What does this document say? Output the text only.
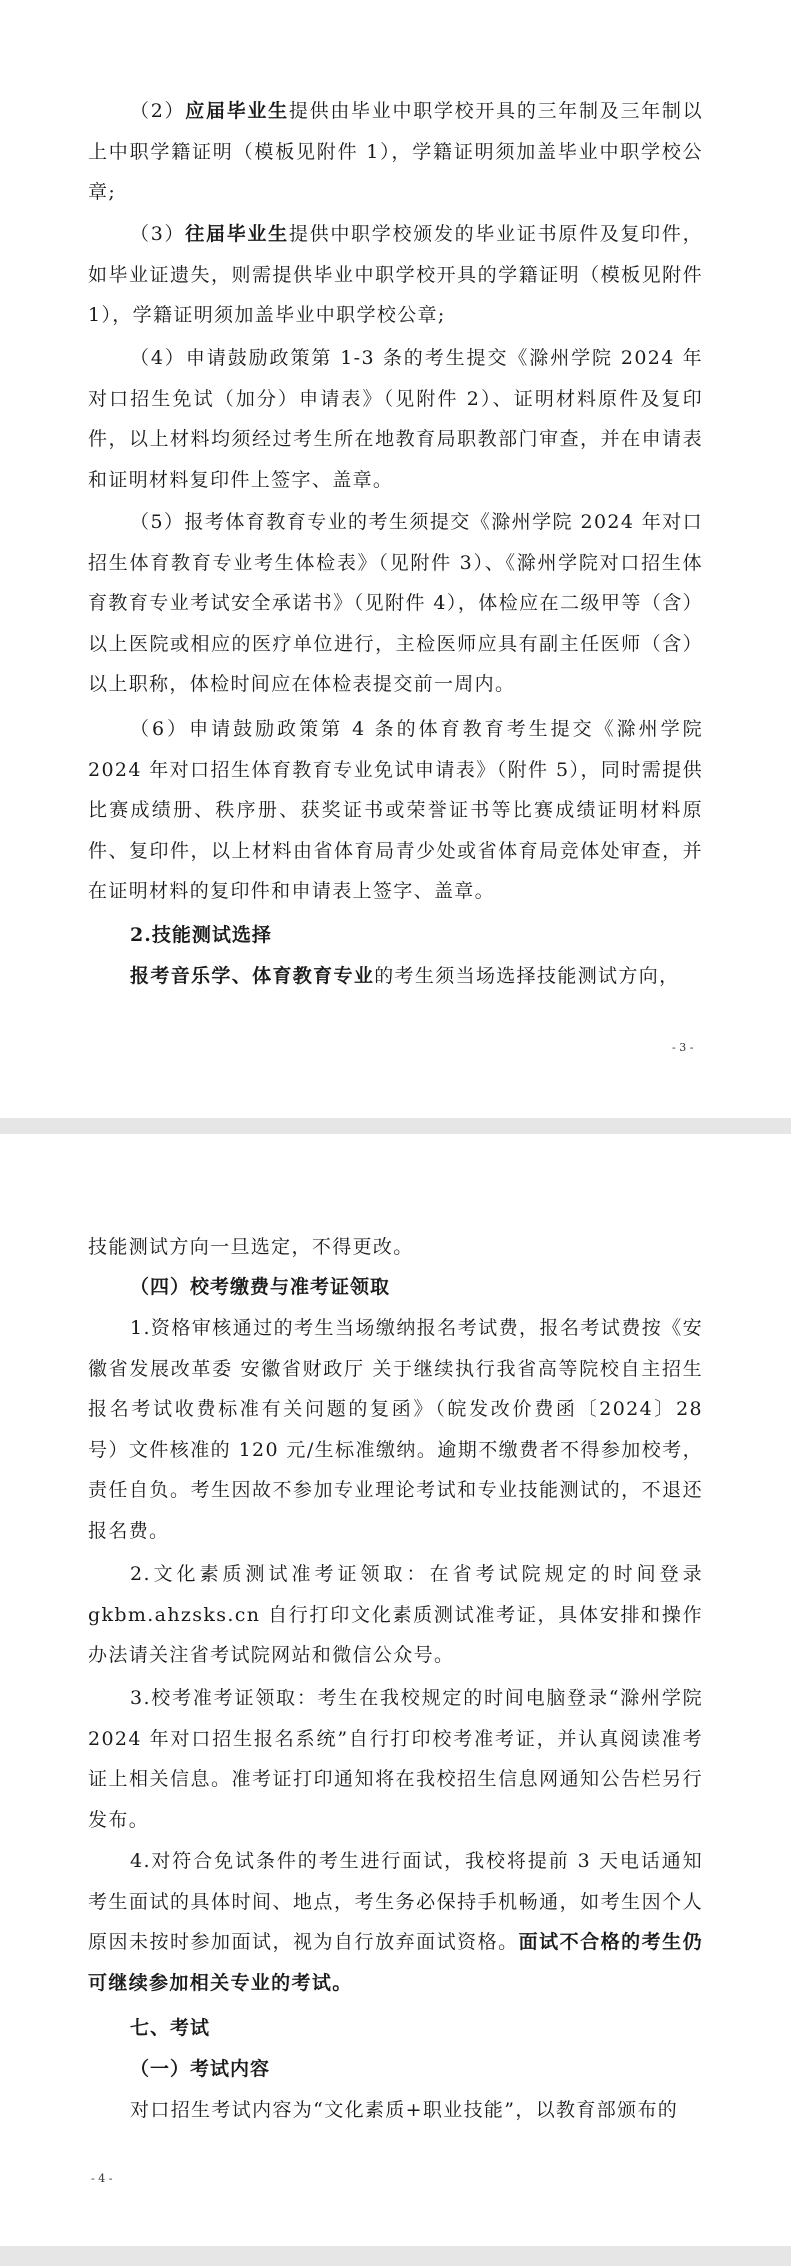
（2）应届毕业生提供由毕业中职学校开具的三年制及三年制以上中职学籍证明（模板见附件 1），学籍证明须加盖毕业中职学校公章;

（3）往届毕业生提供中职学校颁发的毕业证书原件及复印件，如毕业证遗失，则需提供毕业中职学校开具的学籍证明（模板见附件 1），学籍证明须加盖毕业中职学校公章;

（4）申请鼓励政策第 1-3 条的考生提交《滁州学院 2024 年对口招生免试（加分）申请表》（见附件 2）、证明材料原件及复印件，以上材料均须经过考生所在地教育局职教部门审查，并在申请表和证明材料复印件上签字、盖章。

（5）报考体育教育专业的考生须提交《滁州学院 2024 年对口招生体育教育专业考生体检表》（见附件 3）、《滁州学院对口招生体育教育专业考试安全承诺书》（见附件 4），体检应在二级甲等（含）以上医院或相应的医疗单位进行，主检医师应具有副主任医师（含）以上职称，体检时间应在体检表提交前一周内。

（6）申请鼓励政策第 4 条的体育教育考生提交《滁州学院 2024 年对口招生体育教育专业免试申请表》（附件 5），同时需提供比赛成绩册、秩序册、获奖证书或荣誉证书等比赛成绩证明材料原件、复印件，以上材料由省体育局青少处或省体育局竞体处审查，并在证明材料的复印件和申请表上签字、盖章。

2.技能测试选择

报考音乐学、体育教育专业的考生须当场选择技能测试方向，

- 3 -

技能测试方向一旦选定，不得更改。

（四）校考缴费与准考证领取

1.资格审核通过的考生当场缴纳报名考试费，报名考试费按《安徽省发展改革委 安徽省财政厅 关于继续执行我省高等院校自主招生报名考试收费标准有关问题的复函》（皖发改价费函〔2024〕28 号）文件核准的 120 元/生标准缴纳。逾期不缴费者不得参加校考，责任自负。考生因故不参加专业理论考试和专业技能测试的，不退还报名费。

2.文化素质测试准考证领取：在省考试院规定的时间登录 gkbm.ahzsks.cn 自行打印文化素质测试准考证，具体安排和操作办法请关注省考试院网站和微信公众号。

3.校考准考证领取：考生在我校规定的时间电脑登录“滁州学院 2024 年对口招生报名系统”自行打印校考准考证，并认真阅读准考证上相关信息。准考证打印通知将在我校招生信息网通知公告栏另行发布。

4.对符合免试条件的考生进行面试，我校将提前 3 天电话通知考生面试的具体时间、地点，考生务必保持手机畅通，如考生因个人原因未按时参加面试，视为自行放弃面试资格。面试不合格的考生仍可继续参加相关专业的考试。

七、考试

（一）考试内容

对口招生考试内容为“文化素质+职业技能”，以教育部颁布的

- 4 -
